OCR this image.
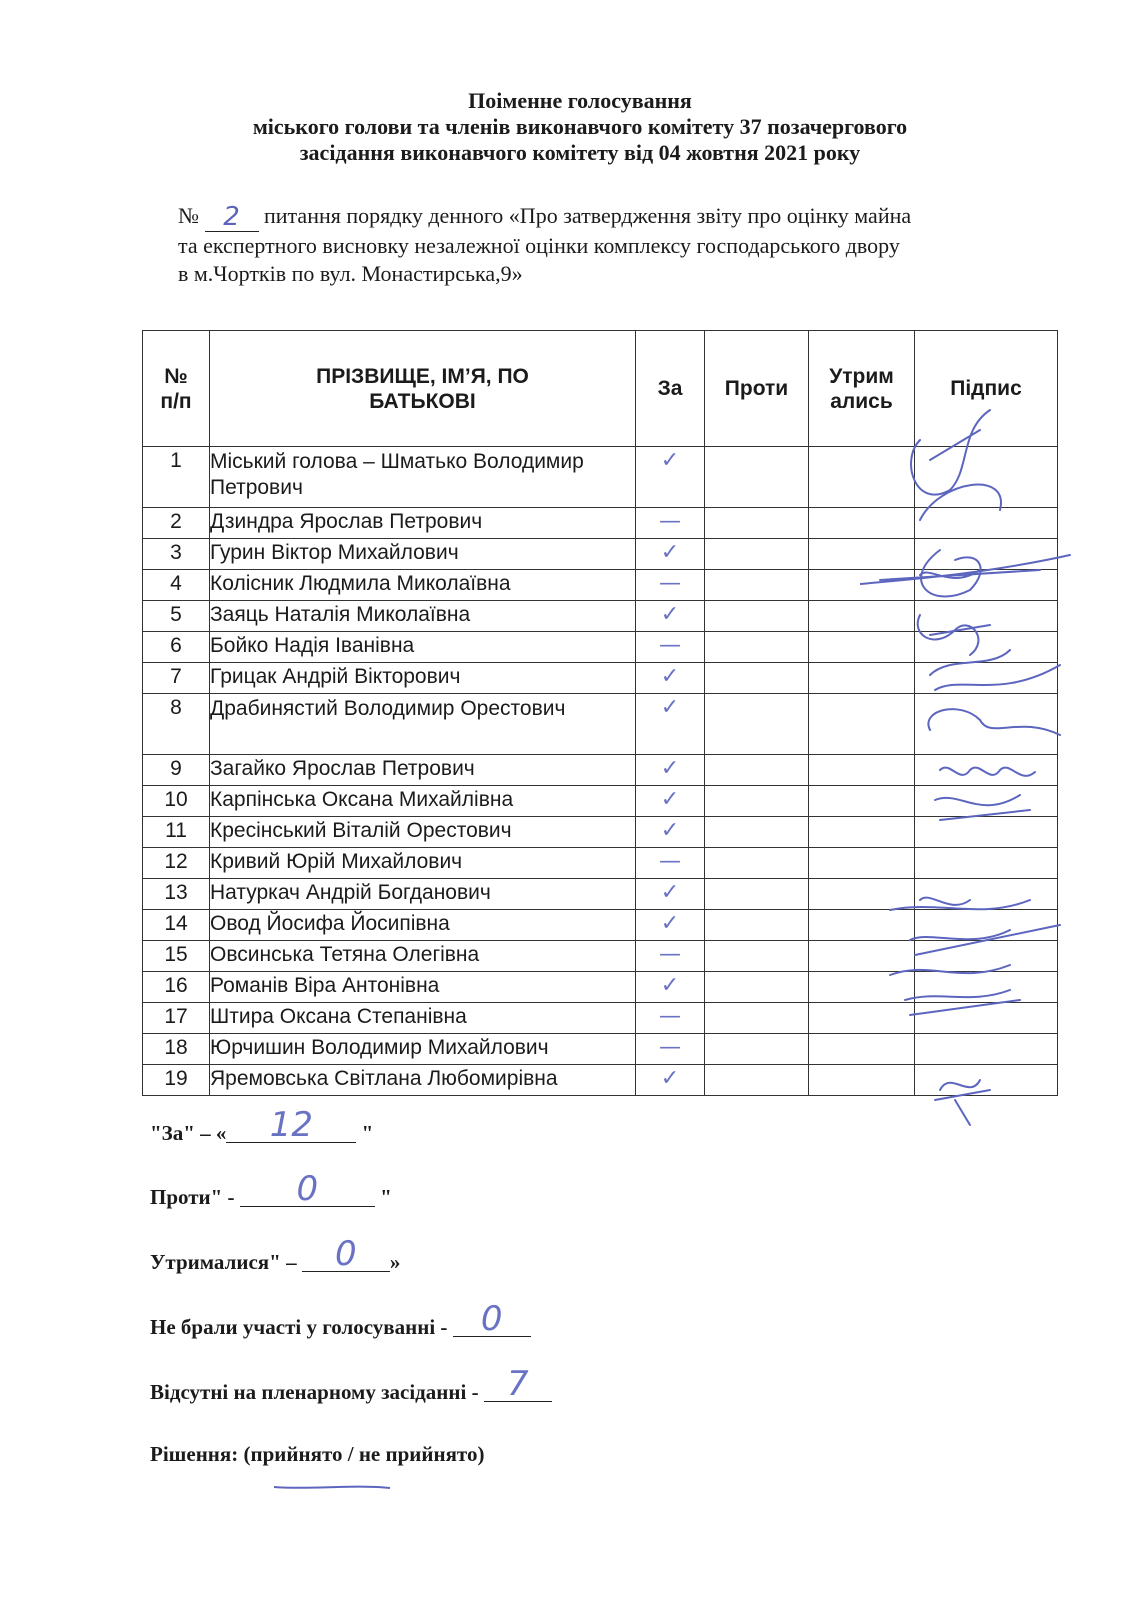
Поіменне голосування
міського голови та членів виконавчого комітету 37 позачергового
засідання виконавчого комітету від 04 жовтня 2021 року
№ 2 питання порядку денного «Про затвердження звіту про оцінку майна
та експертного висновку незалежної оцінки комплексу господарського двору
в м.Чортків по вул. Монастирська,9»
№ п/п	ПРІЗВИЩЕ, ІМ’Я, ПО БАТЬКОВІ	За	Проти	Утрим ались	Підпис
1	Міський голова – Шматько Володимир Петрович	✓			
2	Дзиндра Ярослав Петрович	—			
3	Гурин Віктор Михайлович	✓			
4	Колісник Людмила Миколаївна	—			
5	Заяць Наталія Миколаївна	✓			
6	Бойко Надія Іванівна	—			
7	Грицак Андрій Вікторович	✓			
8	Драбинястий Володимир Орестович	✓			
9	Загайко Ярослав Петрович	✓			
10	Карпінська Оксана Михайлівна	✓			
11	Кресінський Віталій Орестович	✓			
12	Кривий Юрій Михайлович	—			
13	Натуркач Андрій Богданович	✓			
14	Овод Йосифа Йосипівна	✓			
15	Овсинська Тетяна Олегівна	—			
16	Романів Віра Антонівна	✓			
17	Штира Оксана Степанівна	—			
18	Юрчишин Володимир Михайлович	—			
19	Яремовська Світлана Любомирівна	✓			
"За" – «	12	"
Проти" -	0	"
Утрималися" – 0	»
Не брали участі у голосуванні - 0
Відсутні на пленарному засіданні - 7
Рішення: (прийнято / не прийнято)
